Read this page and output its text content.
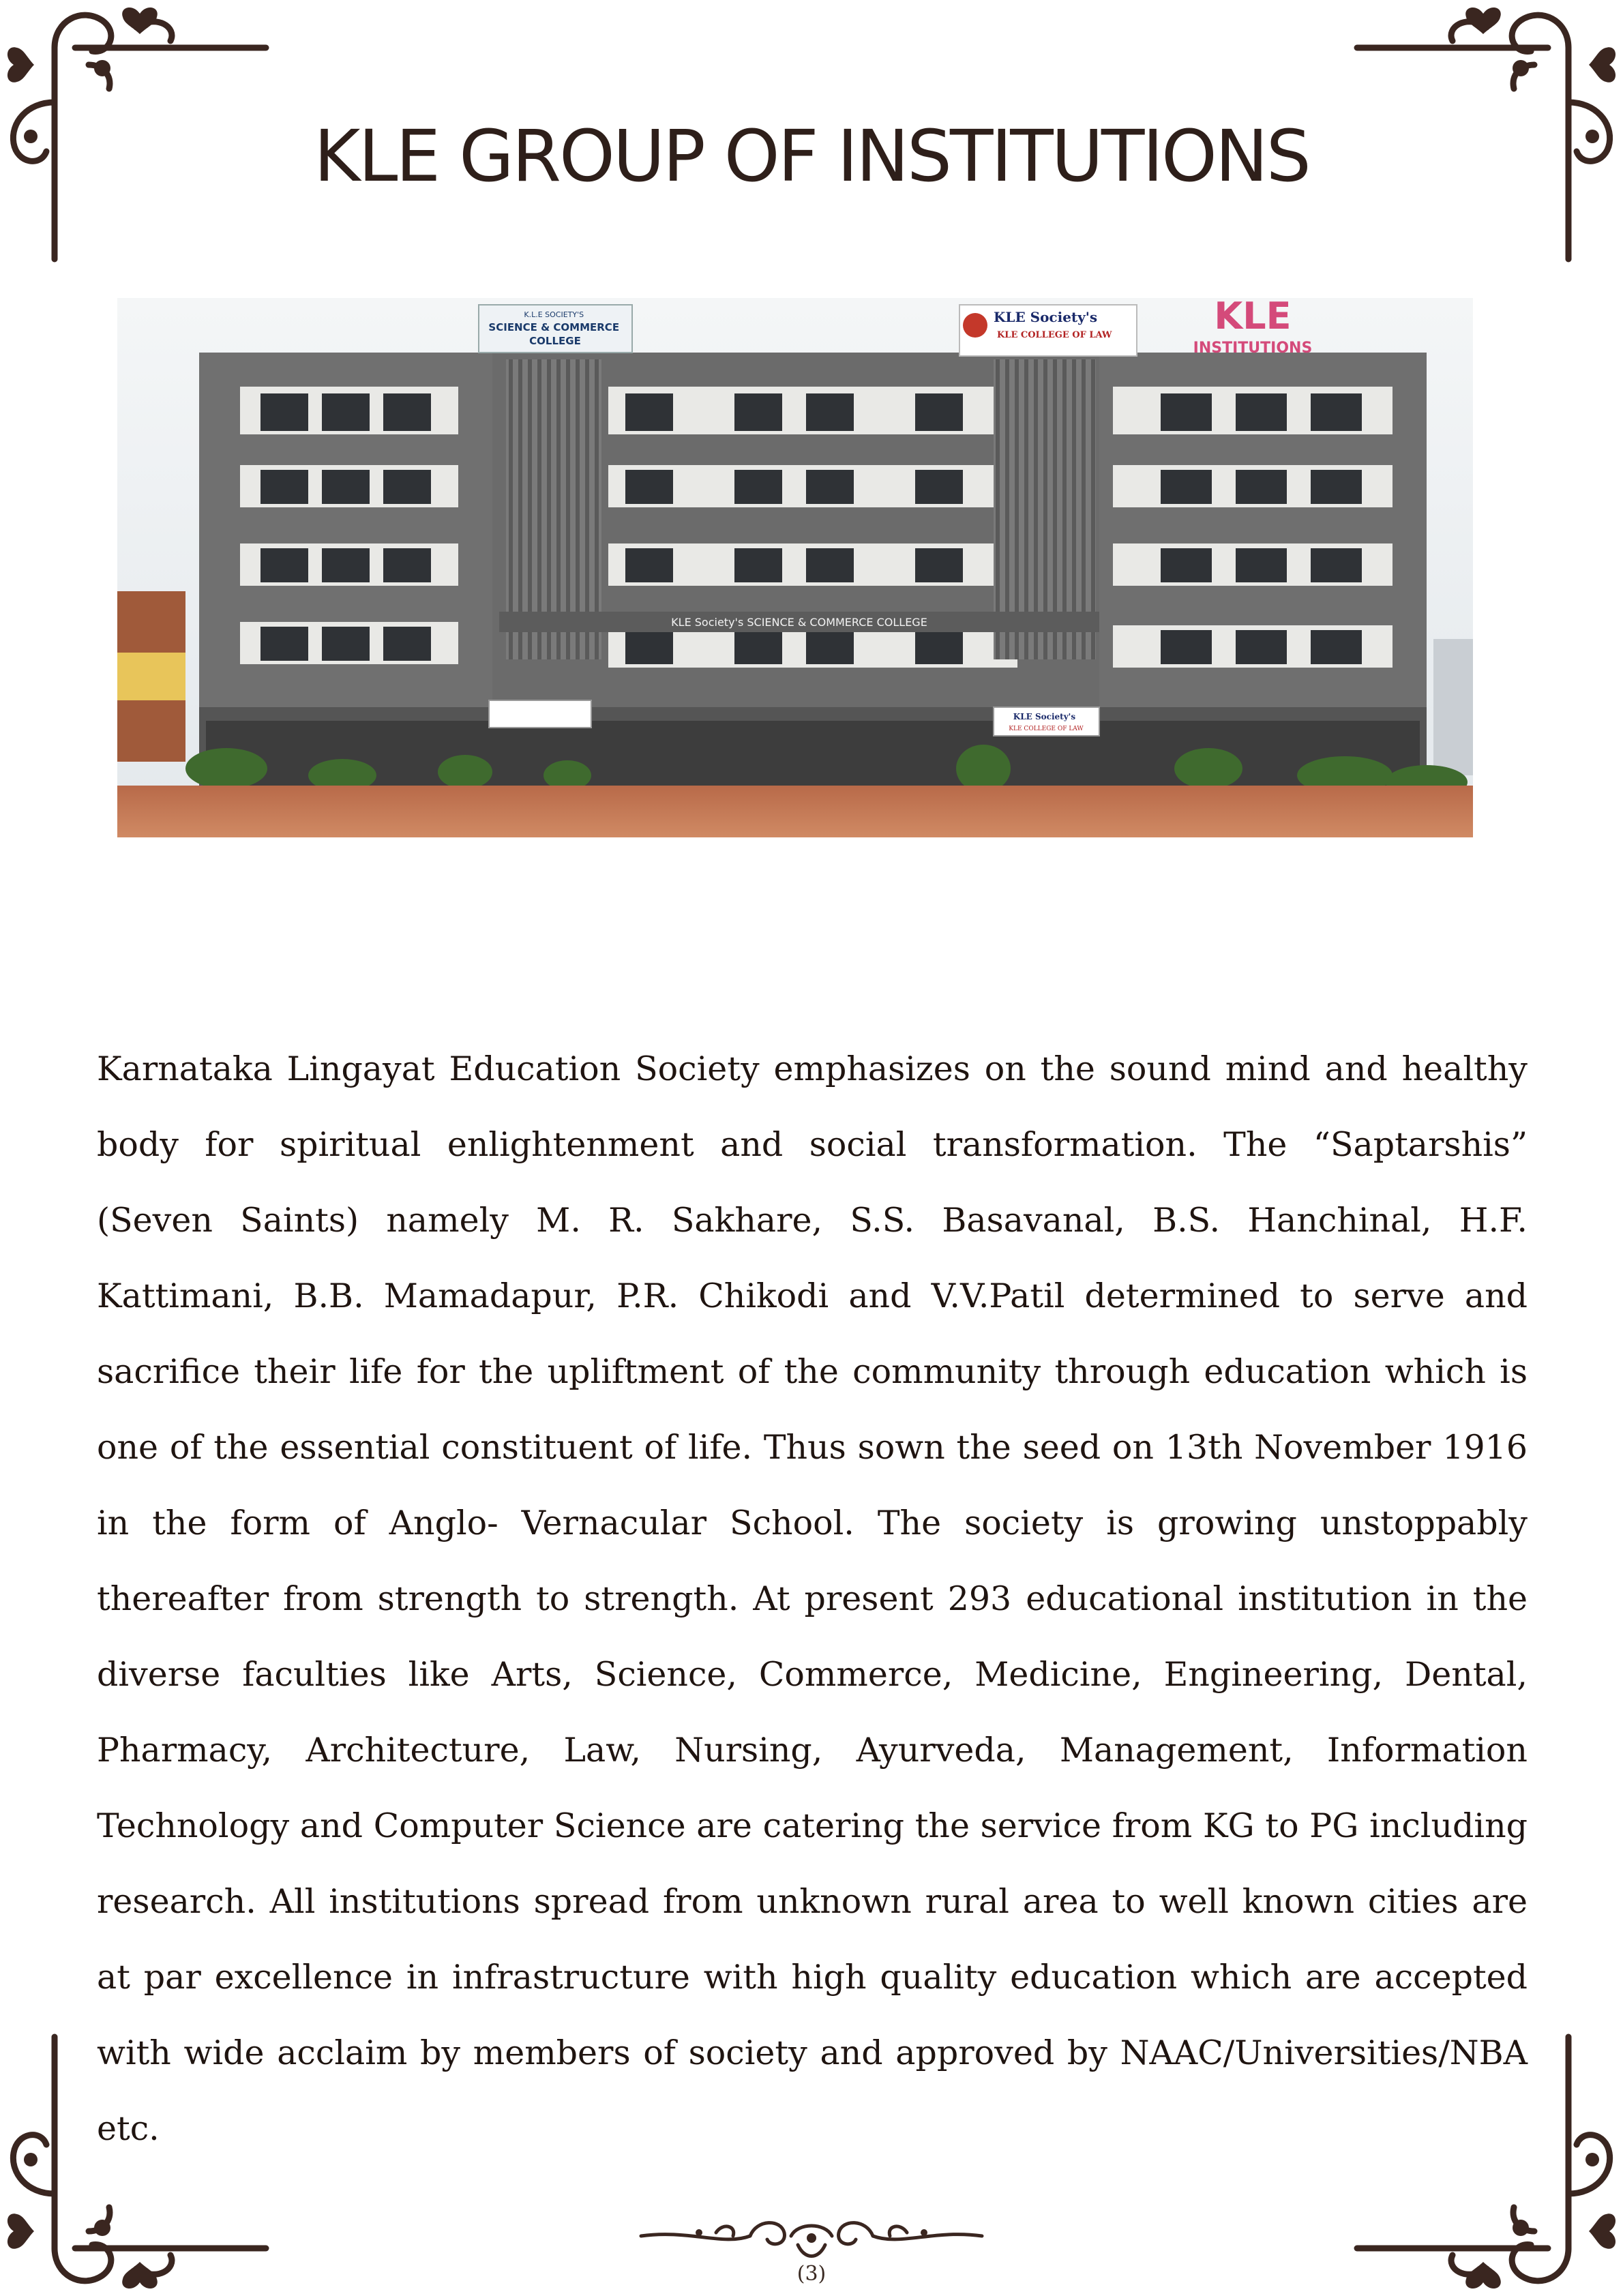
KLE GROUP OF INSTITUTIONS
KLE Society's SCIENCE & COMMERCE COLLEGE
K.L.E SOCIETY'S SCIENCE & COMMERCE COLLEGE
KLE Society's KLE COLLEGE OF LAW	KLE
INSTITUTIONS
KLE Society's KLE COLLEGE OF LAW

Karnataka Lingayat Education Society emphasizes on the sound mind and healthy body for spiritual enlightenment and social transformation. The “Saptarshis” (Seven Saints) namely M. R. Sakhare, S.S. Basavanal, B.S. Hanchinal, H.F. Kattimani, B.B. Mamadapur, P.R. Chikodi and V.V.Patil determined to serve and sacrifice their life for the upliftment of the community through education which is one of the essential constituent of life. Thus sown the seed on 13th November 1916 in the form of Anglo- Vernacular School. The society is growing unstoppably thereafter from strength to strength. At present 293 educational institution in the diverse faculties like Arts, Science, Commerce, Medicine, Engineering, Dental, Pharmacy, Architecture, Law, Nursing, Ayurveda, Management, Information Technology and Computer Science are catering the service from KG to PG including research. All institutions spread from unknown rural area to well known cities are at par excellence in infrastructure with high quality education which are accepted with wide acclaim by members of society and approved by NAAC/Universities/NBA etc.

(3)
